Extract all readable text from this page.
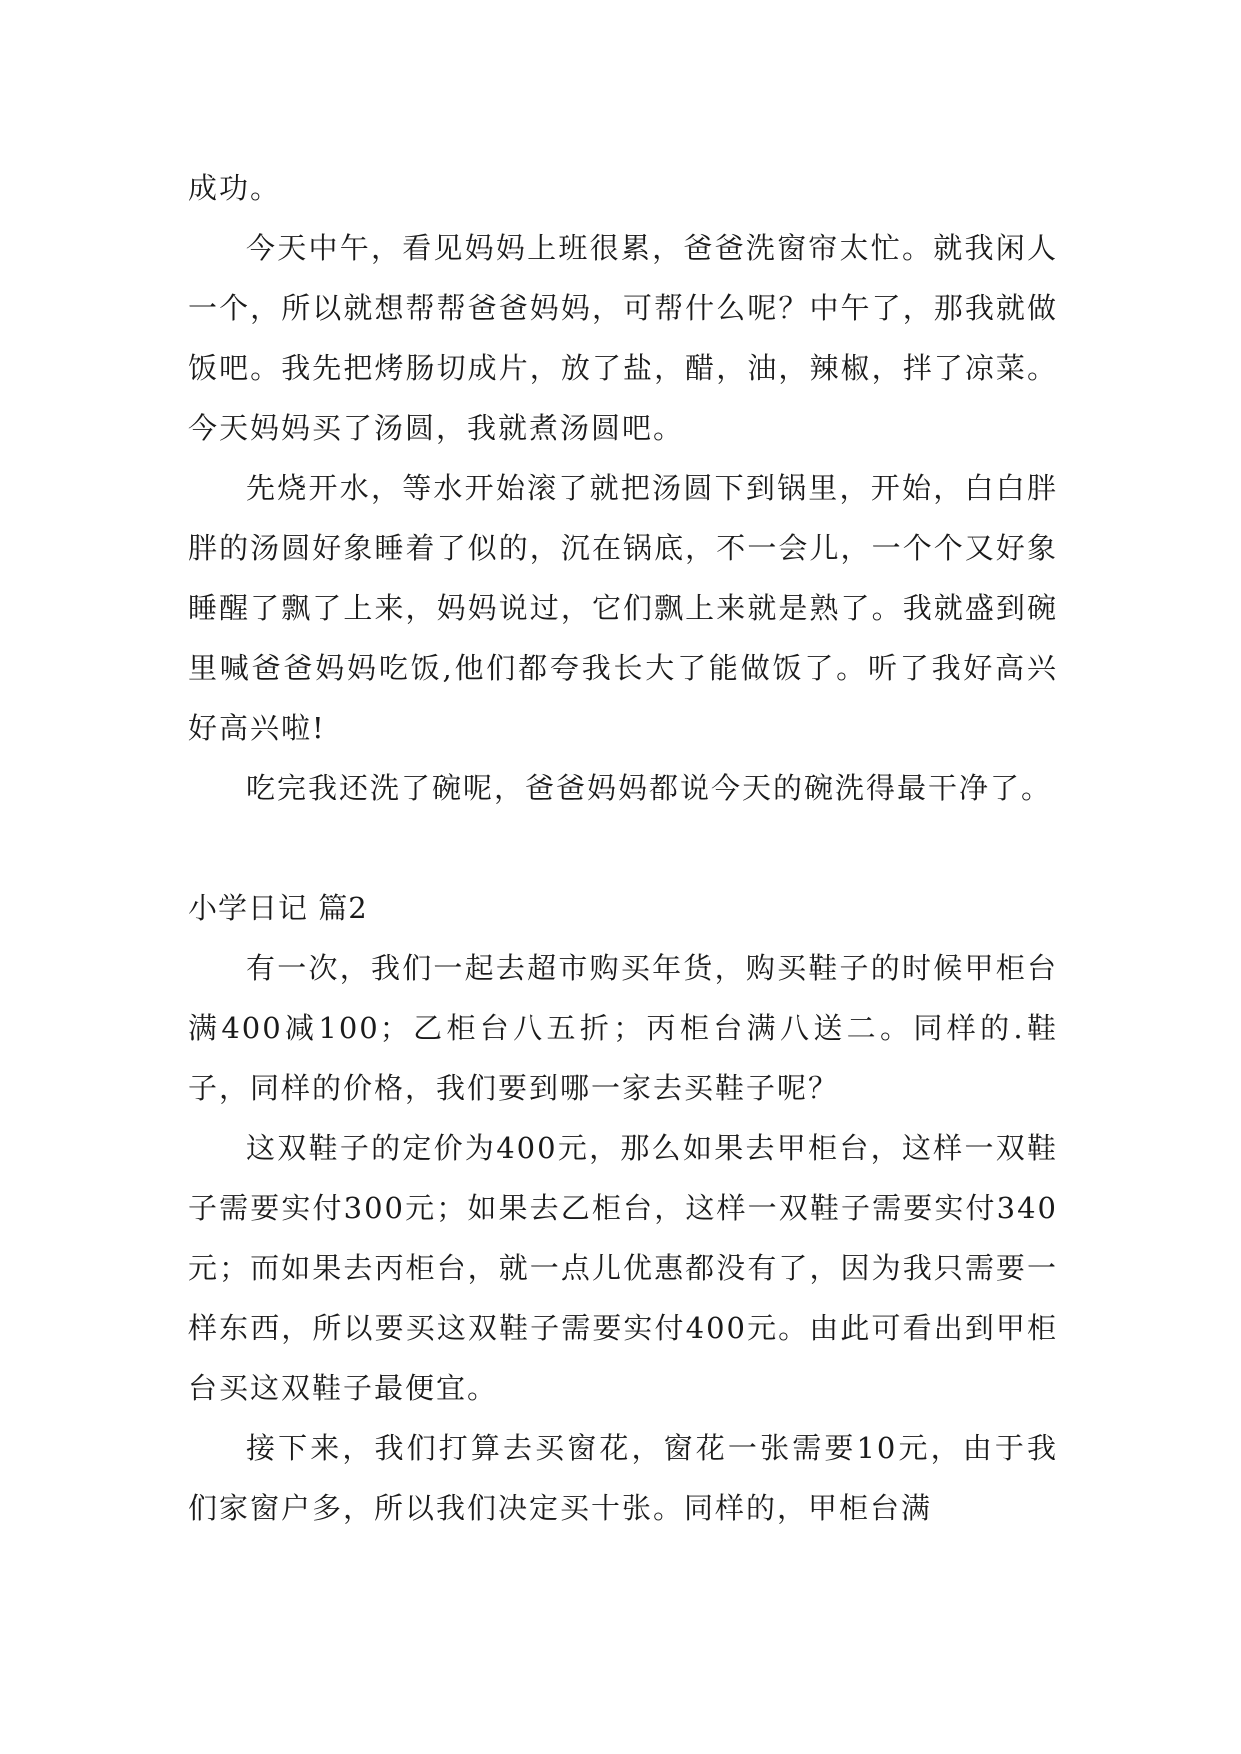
成功。

今天中午，看见妈妈上班很累，爸爸洗窗帘太忙。就我闲人一个，所以就想帮帮爸爸妈妈，可帮什么呢？中午了，那我就做饭吧。我先把烤肠切成片，放了盐，醋，油，辣椒，拌了凉菜。今天妈妈买了汤圆，我就煮汤圆吧。

先烧开水，等水开始滚了就把汤圆下到锅里，开始，白白胖胖的汤圆好象睡着了似的，沉在锅底，不一会儿，一个个又好象睡醒了飘了上来，妈妈说过，它们飘上来就是熟了。我就盛到碗里喊爸爸妈妈吃饭,他们都夸我长大了能做饭了。听了我好高兴好高兴啦!

吃完我还洗了碗呢，爸爸妈妈都说今天的碗洗得最干净了。

小学日记 篇2

有一次，我们一起去超市购买年货，购买鞋子的时候甲柜台满400减100；乙柜台八五折；丙柜台满八送二。同样的.鞋子，同样的价格，我们要到哪一家去买鞋子呢？

这双鞋子的定价为400元，那么如果去甲柜台，这样一双鞋子需要实付300元；如果去乙柜台，这样一双鞋子需要实付340元；而如果去丙柜台，就一点儿优惠都没有了，因为我只需要一样东西，所以要买这双鞋子需要实付400元。由此可看出到甲柜台买这双鞋子最便宜。

接下来，我们打算去买窗花，窗花一张需要10元，由于我们家窗户多，所以我们决定买十张。同样的，甲柜台满
